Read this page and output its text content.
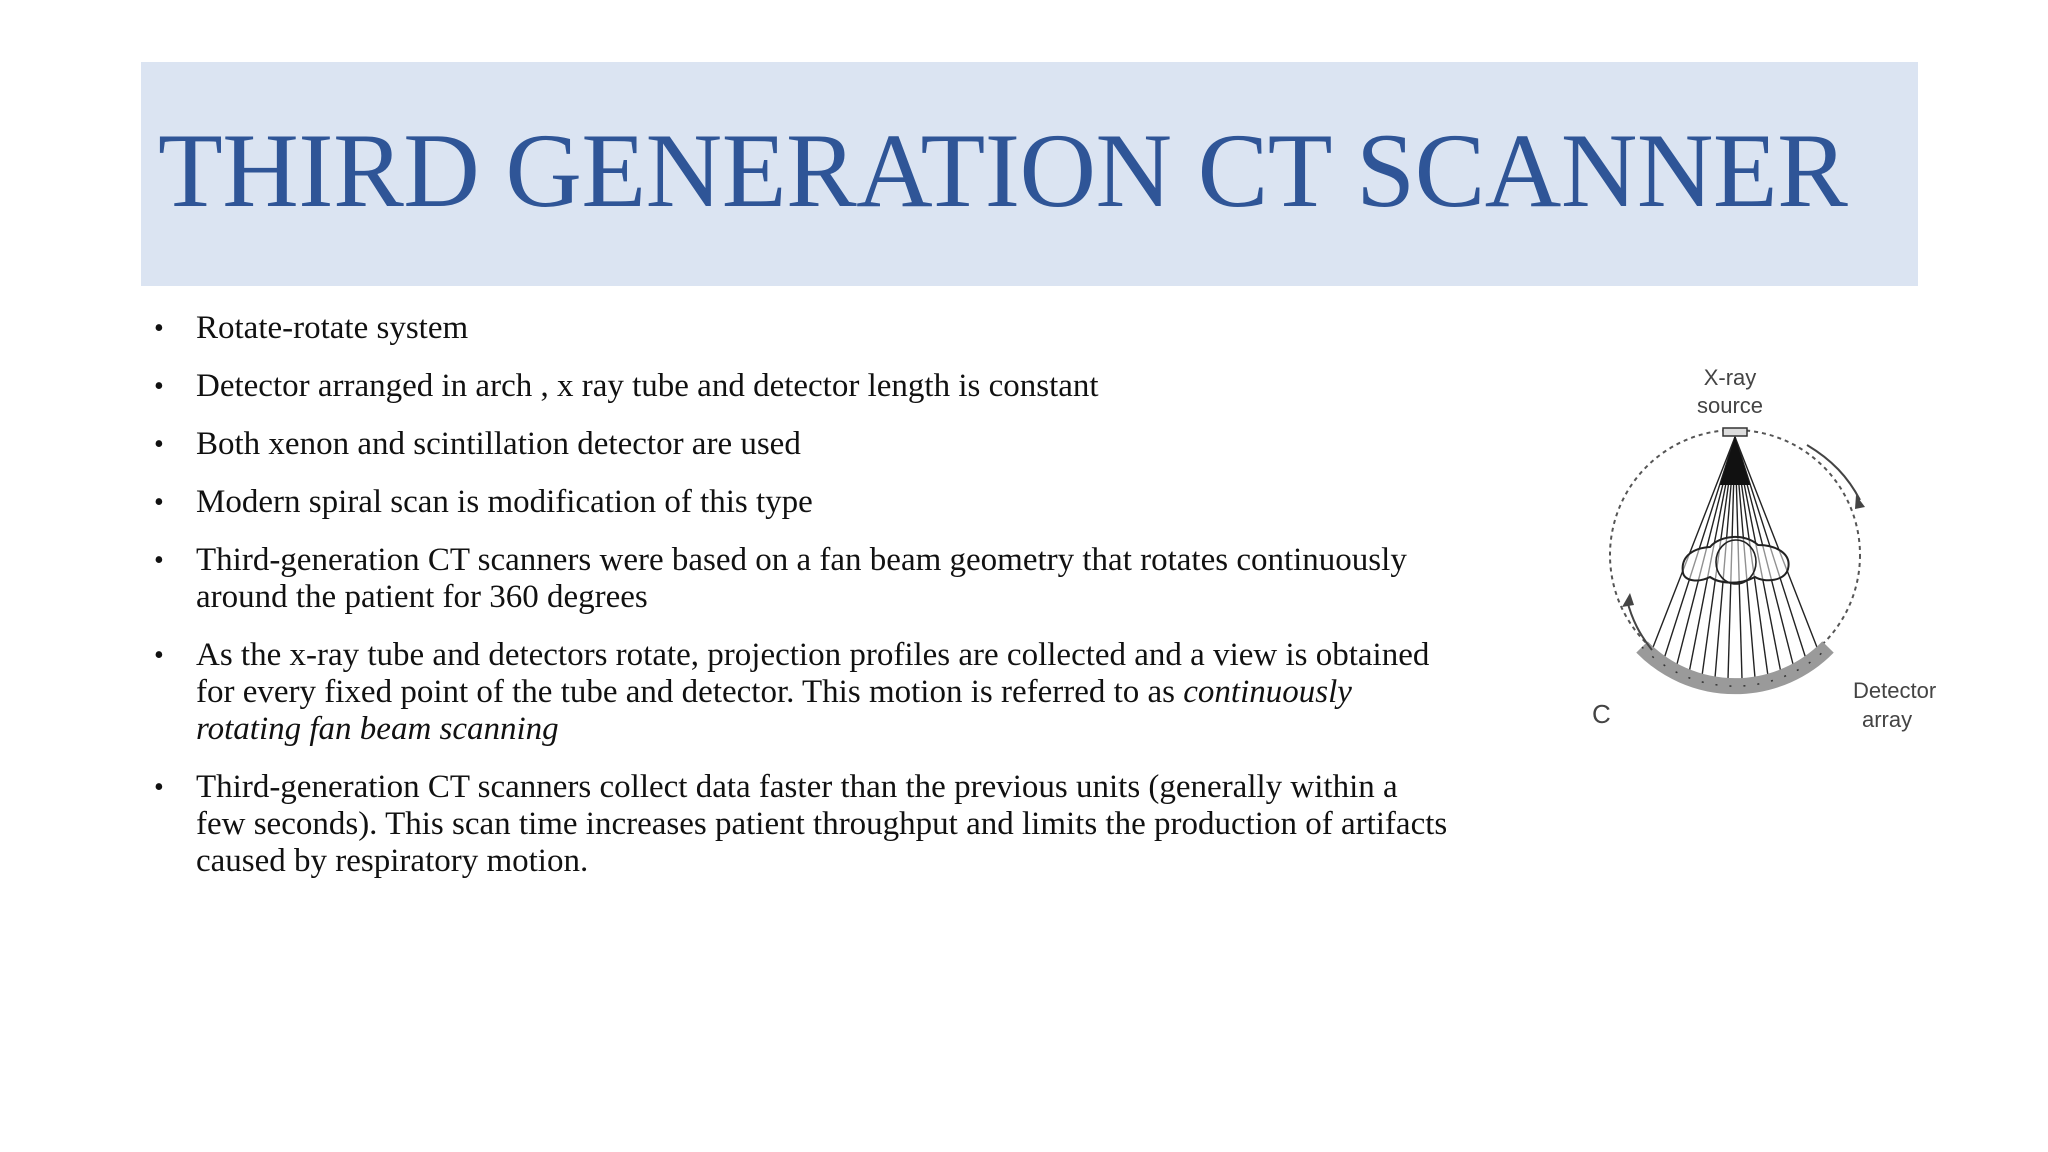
THIRD GENERATION CT SCANNER
• Rotate-rotate system
• Detector arranged in arch , x ray tube and detector length is constant
• Both xenon and scintillation detector are used
• Modern spiral scan is modification of this type
• Third-generation CT scanners were based on a fan beam geometry that rotates continuously around the patient for 360 degrees
• As the x-ray tube and detectors rotate, projection profiles are collected and a view is obtained for every fixed point of the tube and detector. This motion is referred to as continuously rotating fan beam scanning
• Third-generation CT scanners collect data faster than the previous units (generally within a few seconds). This scan time increases patient throughput and limits the production of artifacts caused by respiratory motion.
X-ray
source
Detector
array
C
